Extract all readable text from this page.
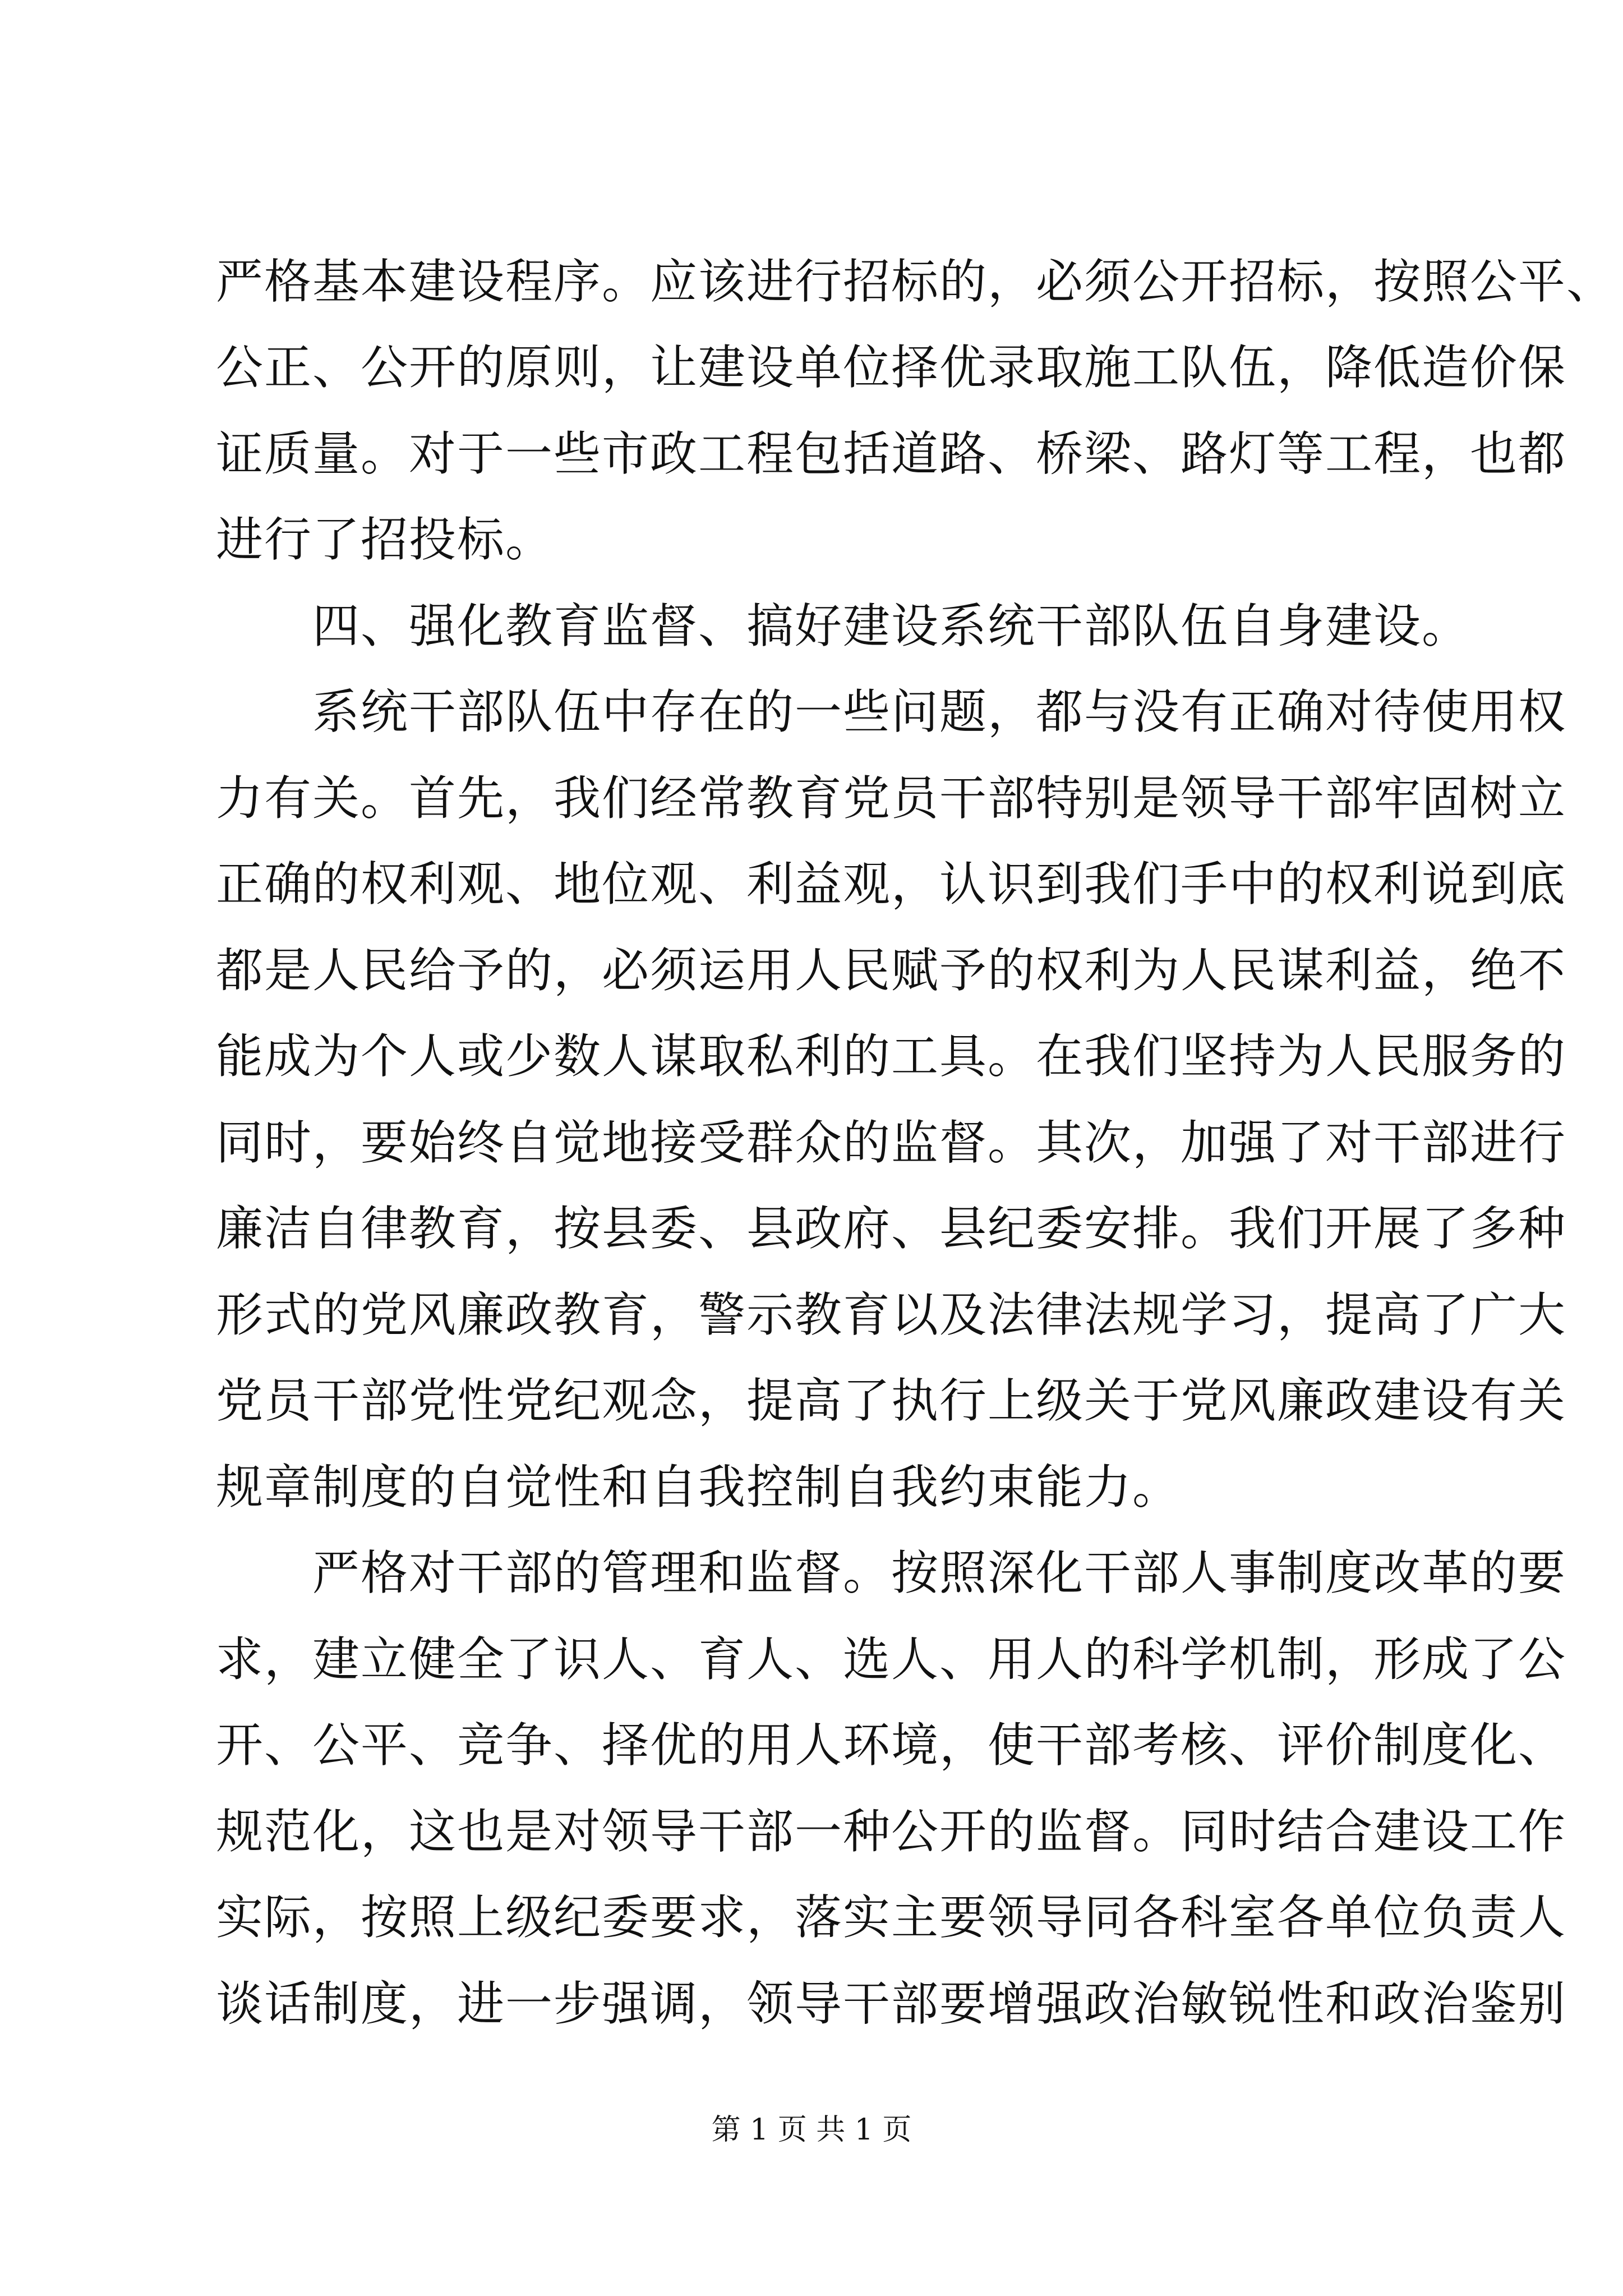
严格基本建设程序。应该进行招标的，必须公开招标，按照公平、
公正、公开的原则，让建设单位择优录取施工队伍，降低造价保
证质量。对于一些市政工程包括道路、桥梁、路灯等工程，也都
进行了招投标。
　　四、强化教育监督、搞好建设系统干部队伍自身建设。
　　系统干部队伍中存在的一些问题，都与没有正确对待使用权
力有关。首先，我们经常教育党员干部特别是领导干部牢固树立
正确的权利观、地位观、利益观，认识到我们手中的权利说到底
都是人民给予的，必须运用人民赋予的权利为人民谋利益，绝不
能成为个人或少数人谋取私利的工具。在我们坚持为人民服务的
同时，要始终自觉地接受群众的监督。其次，加强了对干部进行
廉洁自律教育，按县委、县政府、县纪委安排。我们开展了多种
形式的党风廉政教育，警示教育以及法律法规学习，提高了广大
党员干部党性党纪观念，提高了执行上级关于党风廉政建设有关
规章制度的自觉性和自我控制自我约束能力。
　　严格对干部的管理和监督。按照深化干部人事制度改革的要
求，建立健全了识人、育人、选人、用人的科学机制，形成了公
开、公平、竞争、择优的用人环境，使干部考核、评价制度化、
规范化，这也是对领导干部一种公开的监督。同时结合建设工作
实际，按照上级纪委要求，落实主要领导同各科室各单位负责人
谈话制度，进一步强调，领导干部要增强政治敏锐性和政治鉴别
第 1 页 共 1 页
